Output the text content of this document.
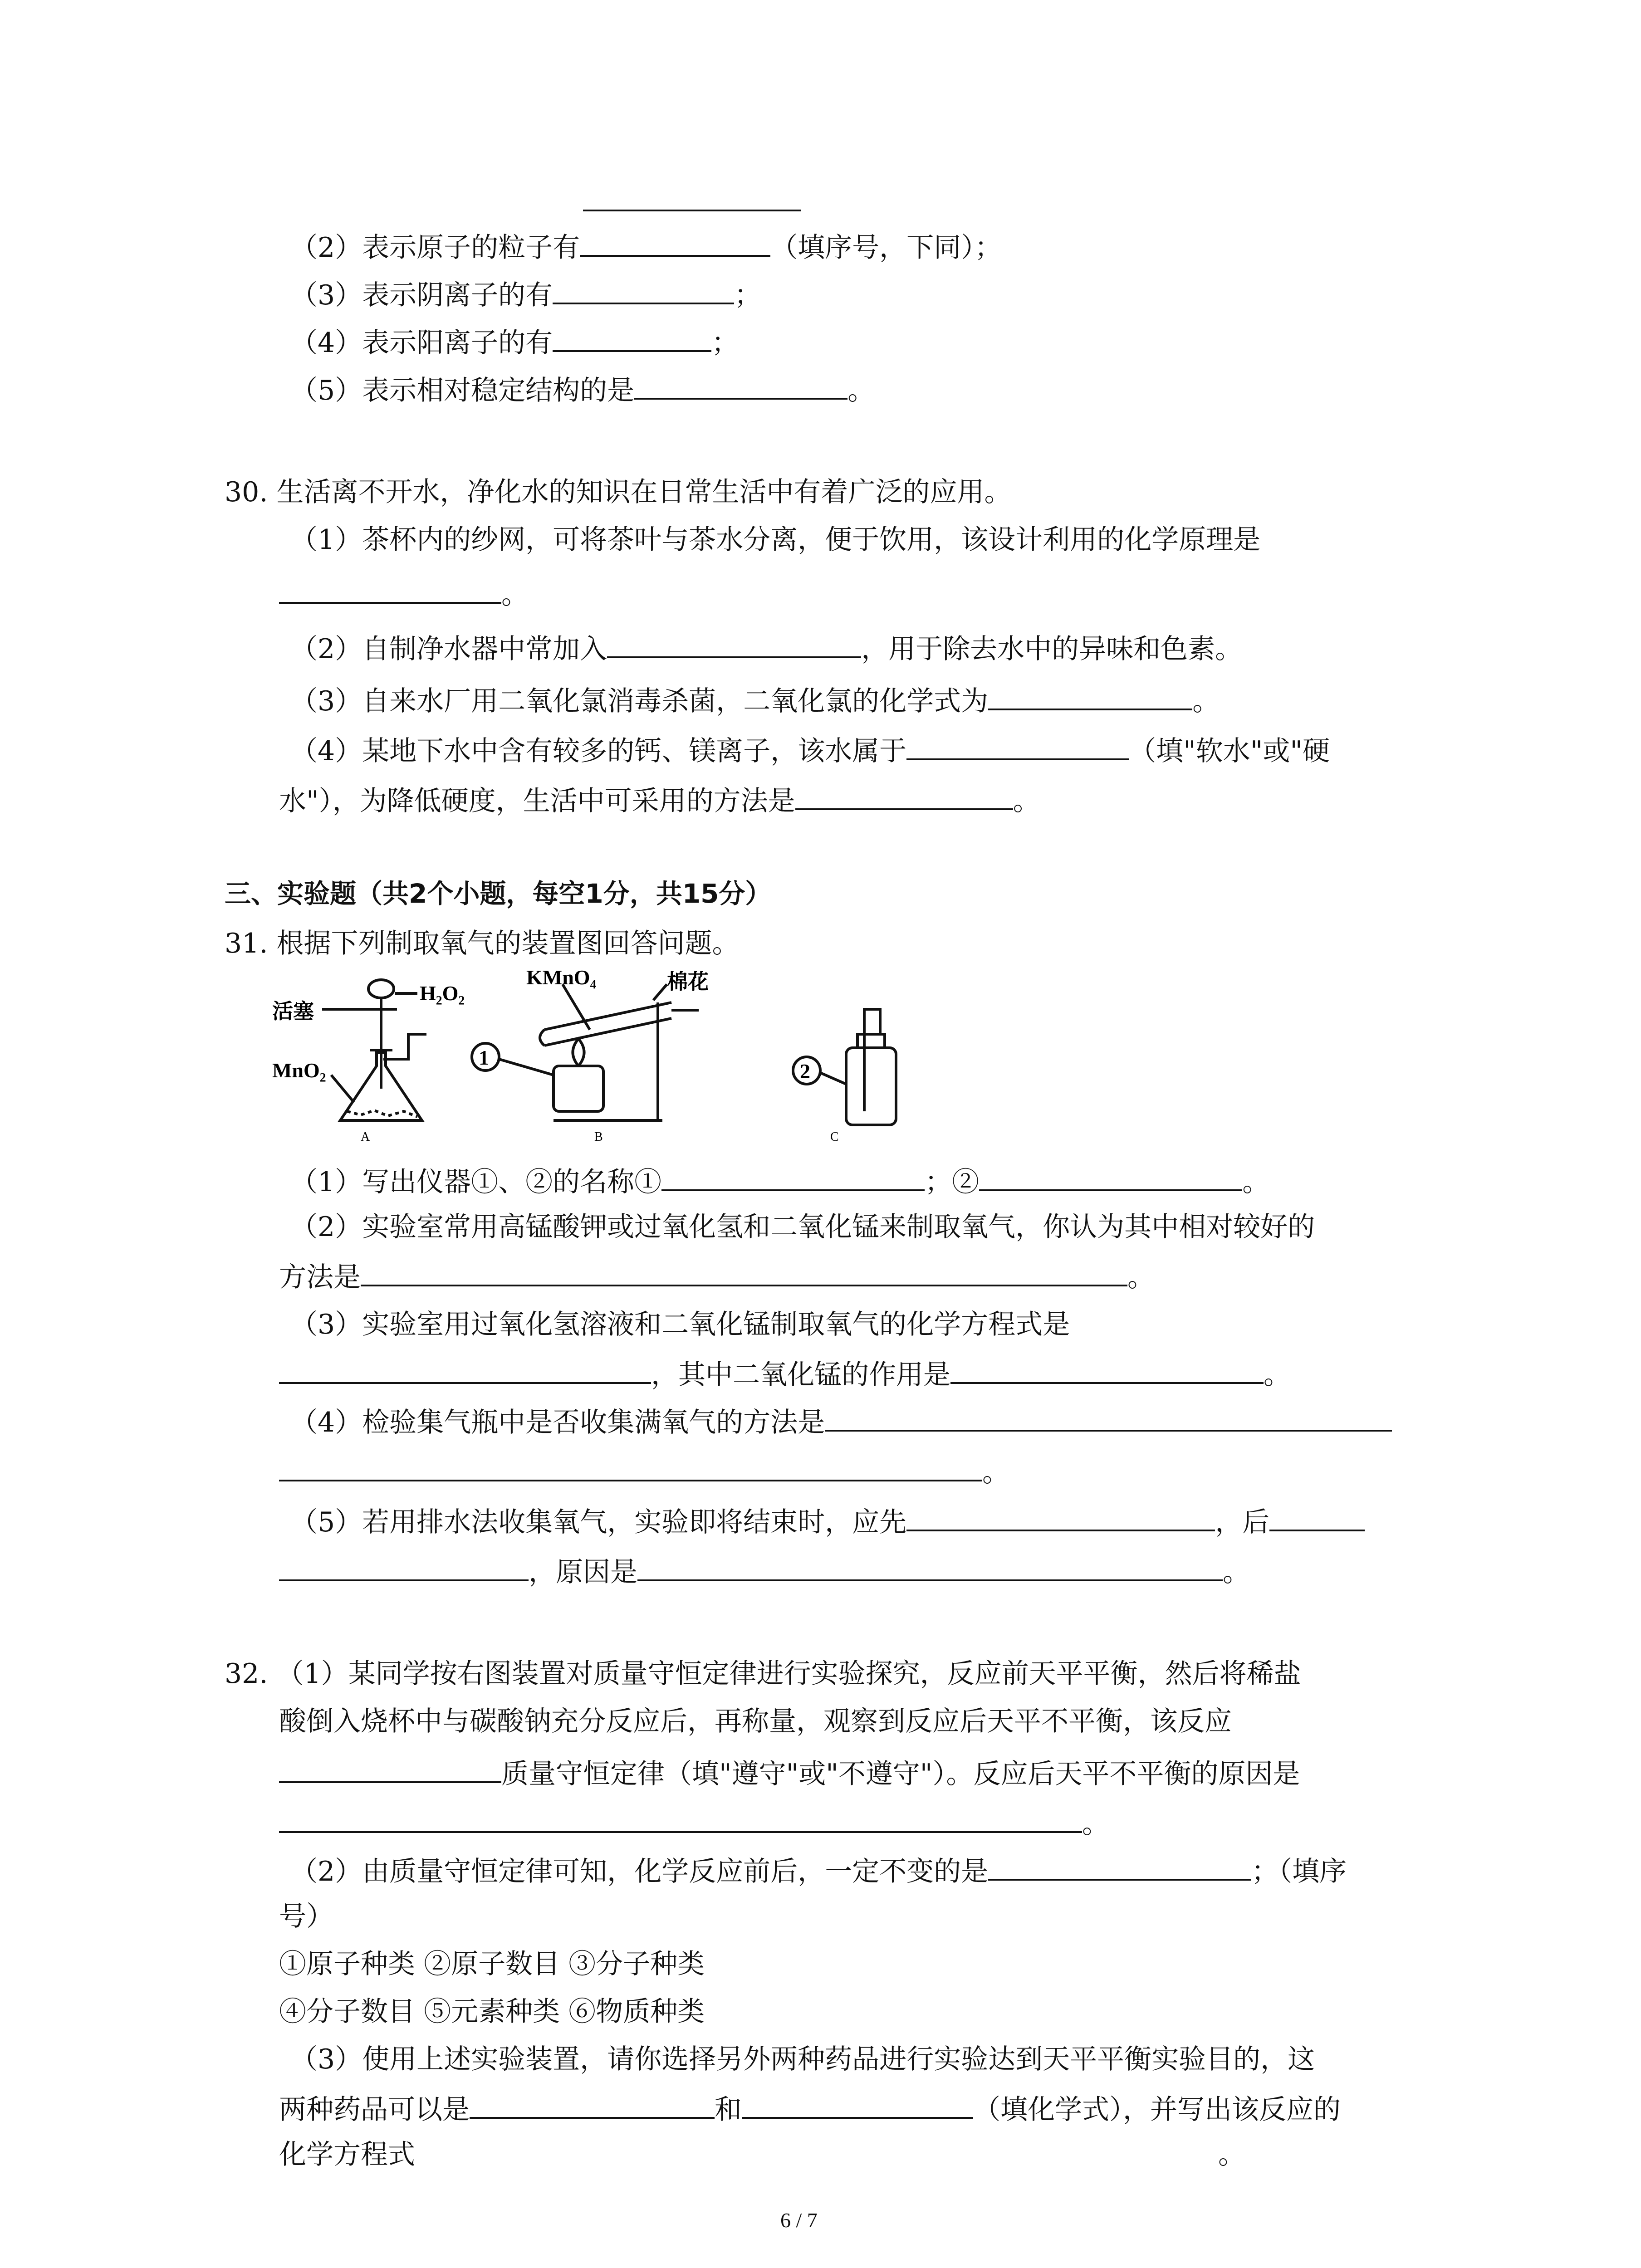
（2）表示原子的粒子有	（填序号，下同）；
（3）表示阴离子的有	；
（4）表示阳离子的有	；
（5）表示相对稳定结构的是	。
30. 生活离不开水，净化水的知识在日常生活中有着广泛的应用。
（1）茶杯内的纱网，可将茶叶与茶水分离，便于饮用，该设计利用的化学原理是
。
（2）自制净水器中常加入	，用于除去水中的异味和色素。
（3）自来水厂用二氧化氯消毒杀菌，二氧化氯的化学式为	。
（4）某地下水中含有较多的钙、镁离子，该水属于	（填"软水"或"硬
水"），为降低硬度，生活中可采用的方法是	。
三、实验题（共2个小题，每空1分，共15分）
31. 根据下列制取氧气的装置图回答问题。
活塞
H₂O₂
MnO₂
A
1
KMnO₄	棉花
B
2
C
（1）写出仪器①、②的名称①	；②	。
（2）实验室常用高锰酸钾或过氧化氢和二氧化锰来制取氧气，你认为其中相对较好的
方法是	。
（3）实验室用过氧化氢溶液和二氧化锰制取氧气的化学方程式是
，其中二氧化锰的作用是	。
（4）检验集气瓶中是否收集满氧气的方法是
。
（5）若用排水法收集氧气，实验即将结束时，应先	，后
，原因是	。
32. （1）某同学按右图装置对质量守恒定律进行实验探究，反应前天平平衡，然后将稀盐
酸倒入烧杯中与碳酸钠充分反应后，再称量，观察到反应后天平不平衡，该反应
质量守恒定律（填"遵守"或"不遵守"）。反应后天平不平衡的原因是
。
（2）由质量守恒定律可知，化学反应前后，一定不变的是	；（填序
号）
①原子种类 ②原子数目 ③分子种类
④分子数目 ⑤元素种类 ⑥物质种类
（3）使用上述实验装置，请你选择另外两种药品进行实验达到天平平衡实验目的，这
两种药品可以是	和	（填化学式），并写出该反应的
化学方程式	。
6 / 7
